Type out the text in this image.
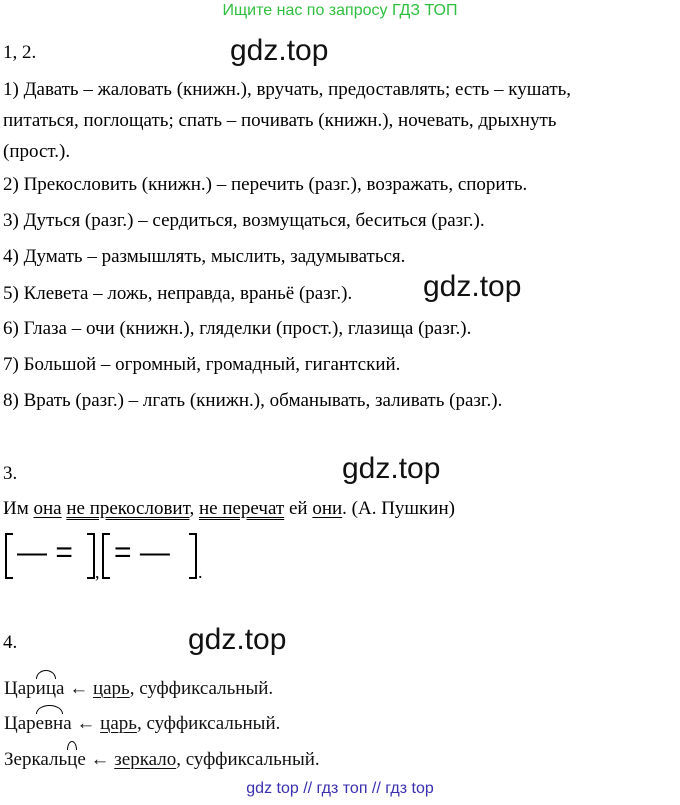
Ищите нас по запросу ГДЗ ТОП
1, 2.	gdz.top
1) Давать – жаловать (книжн.), вручать, предоставлять; есть – кушать,
питаться, поглощать; спать – почивать (книжн.), ночевать, дрыхнуть
(прост.).
2) Прекословить (книжн.) – перечить (разг.), возражать, спорить.
3) Дуться (разг.) – сердиться, возмущаться, беситься (разг.).
4) Думать – размышлять, мыслить, задумываться.
5) Клевета – ложь, неправда, враньё (разг.). gdz.top
6) Глаза – очи (книжн.), гляделки (прост.), глазища (разг.).
7) Большой – огромный, громадный, гигантский.
8) Врать (разг.) – лгать (книжн.), обманывать, заливать (разг.).
3.	gdz.top
Им она не прекословит, не перечат ей они. (А. Пушкин)
— =
,
= —
.
4.	gdz.top
Царица ← царь, суффиксальный.
Царевна ← царь, суффиксальный.
Зеркальце ← зеркало, суффиксальный.
gdz top // гдз топ // гдз top
